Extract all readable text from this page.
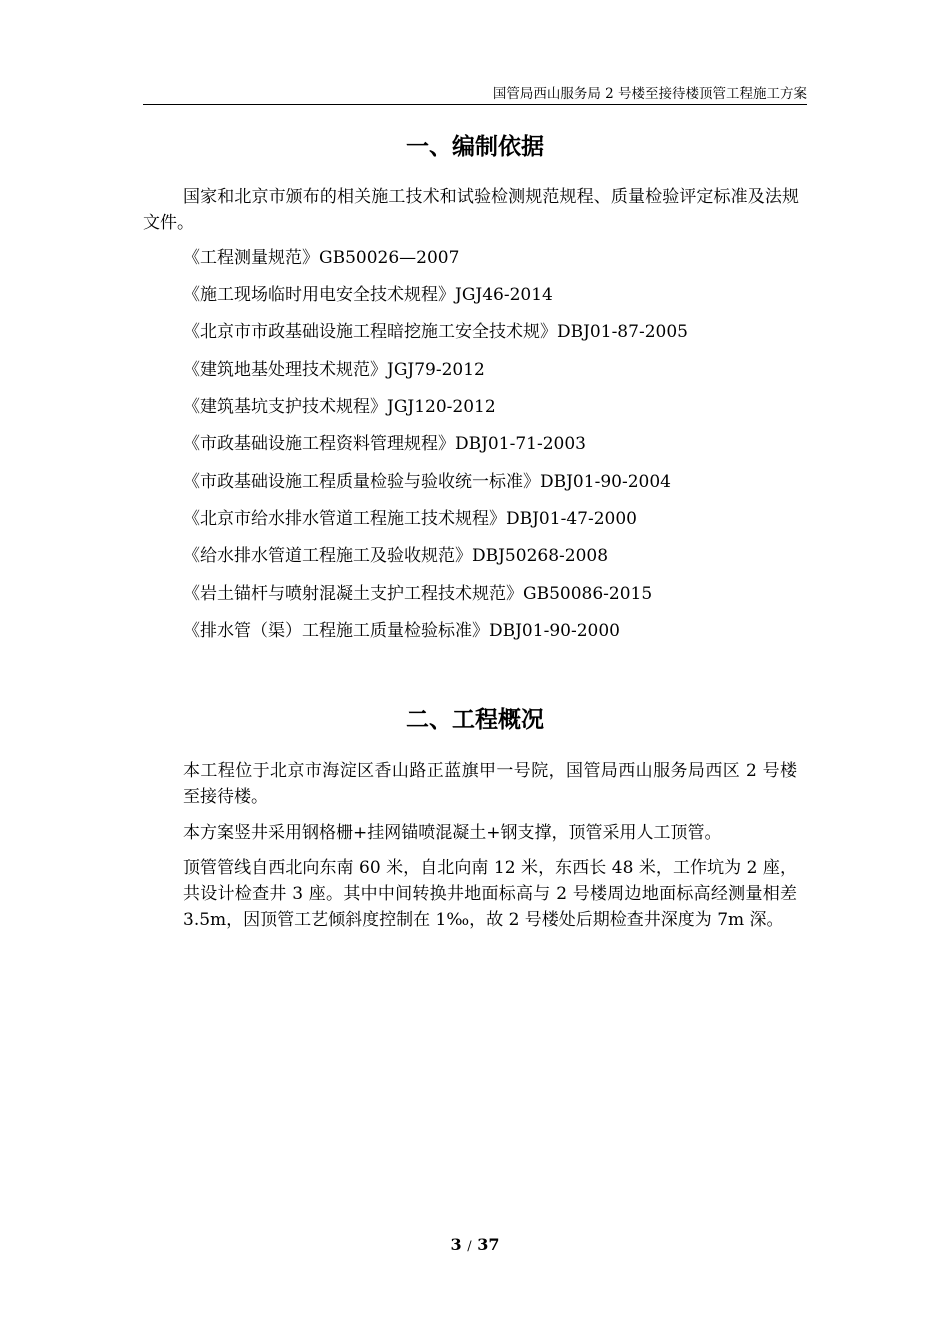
国管局西山服务局 2 号楼至接待楼顶管工程施工方案
一、编制依据
国家和北京市颁布的相关施工技术和试验检测规范规程、质量检验评定标准及法规文件。
《工程测量规范》GB50026—2007
《施工现场临时用电安全技术规程》JGJ46-2014
《北京市市政基础设施工程暗挖施工安全技术规》DBJ01-87-2005
《建筑地基处理技术规范》JGJ79-2012
《建筑基坑支护技术规程》JGJ120-2012
《市政基础设施工程资料管理规程》DBJ01-71-2003
《市政基础设施工程质量检验与验收统一标准》DBJ01-90-2004
《北京市给水排水管道工程施工技术规程》DBJ01-47-2000
《给水排水管道工程施工及验收规范》DBJ50268-2008
《岩土锚杆与喷射混凝土支护工程技术规范》GB50086-2015
《排水管（渠）工程施工质量检验标准》DBJ01-90-2000
二、工程概况
本工程位于北京市海淀区香山路正蓝旗甲一号院，国管局西山服务局西区 2 号楼至接待楼。
本方案竖井采用钢格栅+挂网锚喷混凝土+钢支撑，顶管采用人工顶管。
顶管管线自西北向东南 60 米，自北向南 12 米，东西长 48 米，工作坑为 2 座，共设计检查井 3 座。其中中间转换井地面标高与 2 号楼周边地面标高经测量相差 3.5m，因顶管工艺倾斜度控制在 1‰，故 2 号楼处后期检查井深度为 7m 深。
3 / 37
